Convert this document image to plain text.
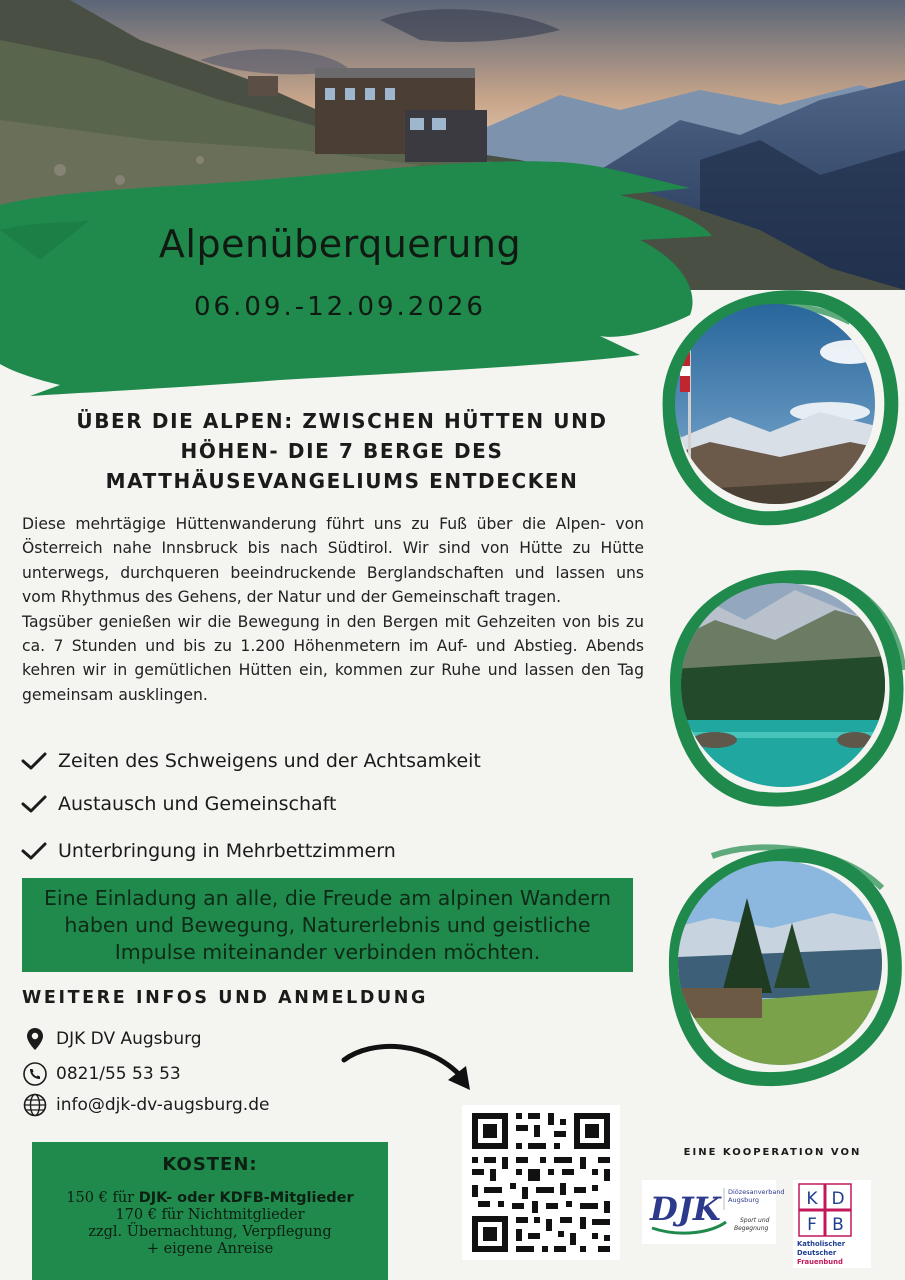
Alpenüberquerung
06.09.-12.09.2026
ÜBER DIE ALPEN: ZWISCHEN HÜTTEN UND
HÖHEN- DIE 7 BERGE DES
MATTHÄUSEVANGELIUMS ENTDECKEN

Diese mehrtägige Hüttenwanderung führt uns zu Fuß über die Alpen- von Österreich nahe Innsbruck bis nach Südtirol. Wir sind von Hütte zu Hütte unterwegs, durchqueren beeindruckende Berglandschaften und lassen uns vom Rhythmus des Gehens, der Natur und der Gemeinschaft tragen.

Tagsüber genießen wir die Bewegung in den Bergen mit Gehzeiten von bis zu ca. 7 Stunden und bis zu 1.200 Höhenmetern im Auf- und Abstieg. Abends kehren wir in gemütlichen Hütten ein, kommen zur Ruhe und lassen den Tag gemeinsam ausklingen.

Zeiten des Schweigens und der Achtsamkeit
Austausch und Gemeinschaft
Unterbringung in Mehrbettzimmern
Eine Einladung an alle, die Freude am alpinen Wandern haben und Bewegung, Naturerlebnis und geistliche Impulse miteinander verbinden möchten.
WEITERE INFOS UND ANMELDUNG
DJK DV Augsburg
0821/55 53 53
info@djk-dv-augsburg.de
KOSTEN:
150 € für DJK- oder KDFB-Mitglieder
170 € für Nichtmitglieder
zzgl. Übernachtung, Verpflegung
+ eigene Anreise
EINE KOOPERATION VON
DJK Diözesanverband
Augsburg
Sport und
Begegnung
K D
F B
Katholischer
Deutscher
Frauenbund
